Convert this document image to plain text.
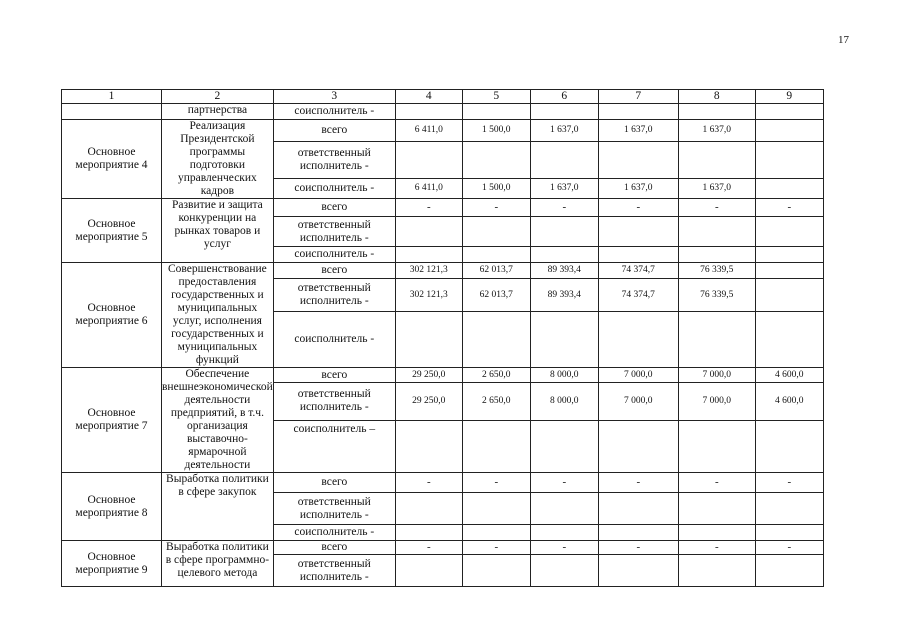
17
1	2	3	4	5	6	7	8	9
	партнерства	соисполнитель -						
Основное мероприятие 4	Реализация Президентской программы подготовки управленческих кадров	всего	6 411,0	1 500,0	1 637,0	1 637,0	1 637,0	
		ответственный исполнитель -						
		соисполнитель -	6 411,0	1 500,0	1 637,0	1 637,0	1 637,0	
Основное мероприятие 5	Развитие и защита конкуренции на рынках товаров и услуг	всего	-	-	-	-	-	-
		ответственный исполнитель -						
		соисполнитель -						
Основное мероприятие 6	Совершенствование предоставления государственных и муниципальных услуг, исполнения государственных и муниципальных функций	всего	302 121,3	62 013,7	89 393,4	74 374,7	76 339,5	
		ответственный исполнитель -	302 121,3	62 013,7	89 393,4	74 374,7	76 339,5	
		соисполнитель -						
Основное мероприятие 7	Обеспечение внешнеэкономической деятельности предприятий, в т.ч. организация выставочно-ярмарочной деятельности	всего	29 250,0	2 650,0	8 000,0	7 000,0	7 000,0	4 600,0
		ответственный исполнитель -	29 250,0	2 650,0	8 000,0	7 000,0	7 000,0	4 600,0
		соисполнитель –						
Основное мероприятие 8	Выработка политики в сфере закупок	всего	-	-	-	-	-	-
		ответственный исполнитель -						
		соисполнитель -						
Основное мероприятие 9	Выработка политики в сфере программно-целевого метода	всего	-	-	-	-	-	-
		ответственный исполнитель -						
